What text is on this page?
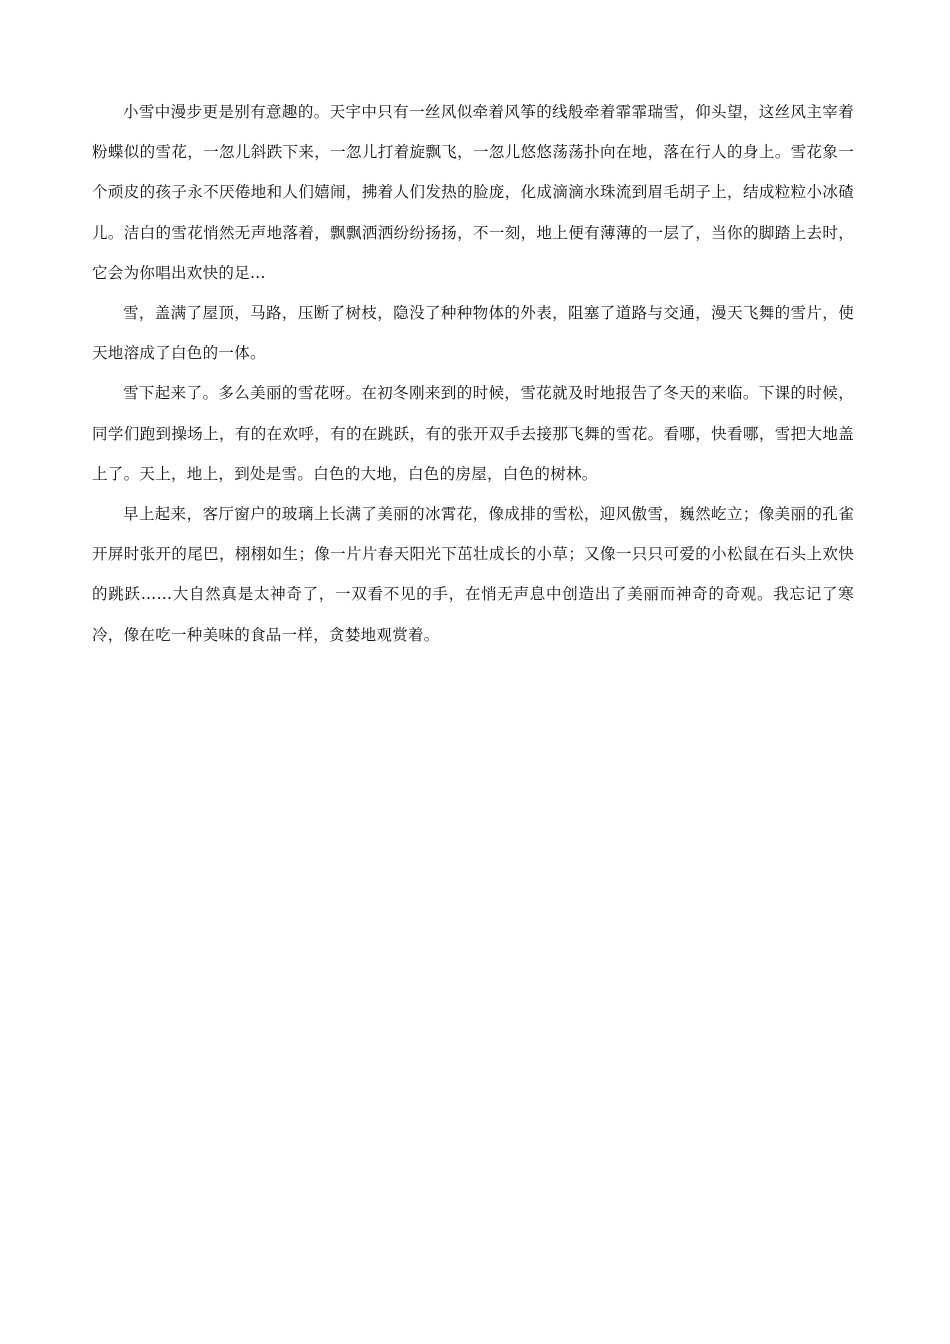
小雪中漫步更是别有意趣的。天宇中只有一丝风似牵着风筝的线般牵着霏霏瑞雪，仰头望，这丝风主宰着粉蝶似的雪花，一忽儿斜跌下来，一忽儿打着旋飘飞，一忽儿悠悠荡荡扑向在地，落在行人的身上。雪花象一个顽皮的孩子永不厌倦地和人们嬉闹，拂着人们发热的脸庞，化成滴滴水珠流到眉毛胡子上，结成粒粒小冰碴儿。洁白的雪花悄然无声地落着，飘飘洒洒纷纷扬扬，不一刻，地上便有薄薄的一层了，当你的脚踏上去时，它会为你唱出欢快的足...

雪，盖满了屋顶，马路，压断了树枝，隐没了种种物体的外表，阻塞了道路与交通，漫天飞舞的雪片，使天地溶成了白色的一体。

雪下起来了。多么美丽的雪花呀。在初冬刚来到的时候，雪花就及时地报告了冬天的来临。下课的时候，同学们跑到操场上，有的在欢呼，有的在跳跃，有的张开双手去接那飞舞的雪花。看哪，快看哪，雪把大地盖上了。天上，地上，到处是雪。白色的大地，白色的房屋，白色的树林。

早上起来，客厅窗户的玻璃上长满了美丽的冰霄花，像成排的雪松，迎风傲雪，巍然屹立；像美丽的孔雀开屏时张开的尾巴，栩栩如生；像一片片春天阳光下茁壮成长的小草；又像一只只可爱的小松鼠在石头上欢快的跳跃……大自然真是太神奇了，一双看不见的手，在悄无声息中创造出了美丽而神奇的奇观。我忘记了寒冷，像在吃一种美味的食品一样，贪婪地观赏着。
